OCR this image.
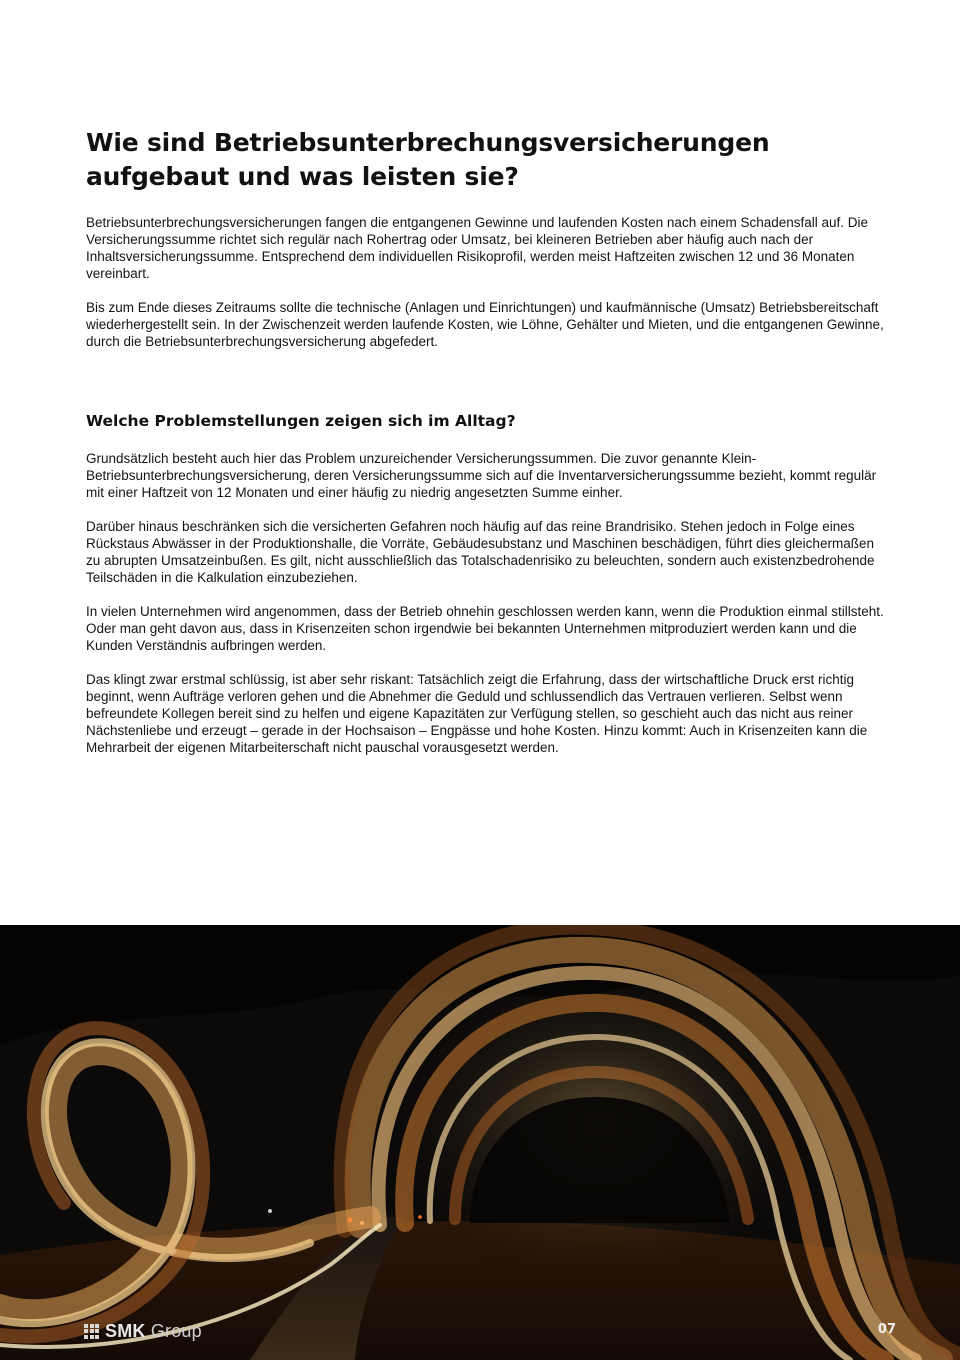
Wie sind Betriebsunterbrechungsversicherungen aufgebaut und was leisten sie?

Betriebsunterbrechungsversicherungen fangen die entgangenen Gewinne und laufenden Kosten nach einem Schadensfall auf. Die Versicherungssumme richtet sich regulär nach Rohertrag oder Umsatz, bei kleineren Betrieben aber häufig auch nach der Inhaltsversicherungssumme. Entsprechend dem individuellen Risikoprofil, werden meist Haftzeiten zwischen 12 und 36 Monaten vereinbart.

Bis zum Ende dieses Zeitraums sollte die technische (Anlagen und Einrichtungen) und kaufmännische (Umsatz) Betriebsbereitschaft wiederhergestellt sein. In der Zwischenzeit werden laufende Kosten, wie Löhne, Gehälter und Mieten, und die entgangenen Gewinne, durch die Betriebsunterbrechungsversicherung abgefedert.

Welche Problemstellungen zeigen sich im Alltag?

Grundsätzlich besteht auch hier das Problem unzureichender Versicherungssummen. Die zuvor genannte Klein-Betriebsunterbrechungsversicherung, deren Versicherungssumme sich auf die Inventarversicherungssumme bezieht, kommt regulär mit einer Haftzeit von 12 Monaten und einer häufig zu niedrig angesetzten Summe einher.

Darüber hinaus beschränken sich die versicherten Gefahren noch häufig auf das reine Brandrisiko. Stehen jedoch in Folge eines Rückstaus Abwässer in der Produktionshalle, die Vorräte, Gebäudesubstanz und Maschinen beschädigen, führt dies gleichermaßen zu abrupten Umsatzeinbußen. Es gilt, nicht ausschließlich das Totalschadenrisiko zu beleuchten, sondern auch existenzbedrohende Teilschäden in die Kalkulation einzubeziehen.

In vielen Unternehmen wird angenommen, dass der Betrieb ohnehin geschlossen werden kann, wenn die Produktion einmal stillsteht. Oder man geht davon aus, dass in Krisenzeiten schon irgendwie bei bekannten Unternehmen mitproduziert werden kann und die Kunden Verständnis aufbringen werden.

Das klingt zwar erstmal schlüssig, ist aber sehr riskant: Tatsächlich zeigt die Erfahrung, dass der wirtschaftliche Druck erst richtig beginnt, wenn Aufträge verloren gehen und die Abnehmer die Geduld und schlussendlich das Vertrauen verlieren. Selbst wenn befreundete Kollegen bereit sind zu helfen und eigene Kapazitäten zur Verfügung stellen, so geschieht auch das nicht aus reiner Nächstenliebe und erzeugt – gerade in der Hochsaison – Engpässe und hohe Kosten. Hinzu kommt: Auch in Krisenzeiten kann die Mehrarbeit der eigenen Mitarbeiterschaft nicht pauschal vorausgesetzt werden.

SMK Group	07
